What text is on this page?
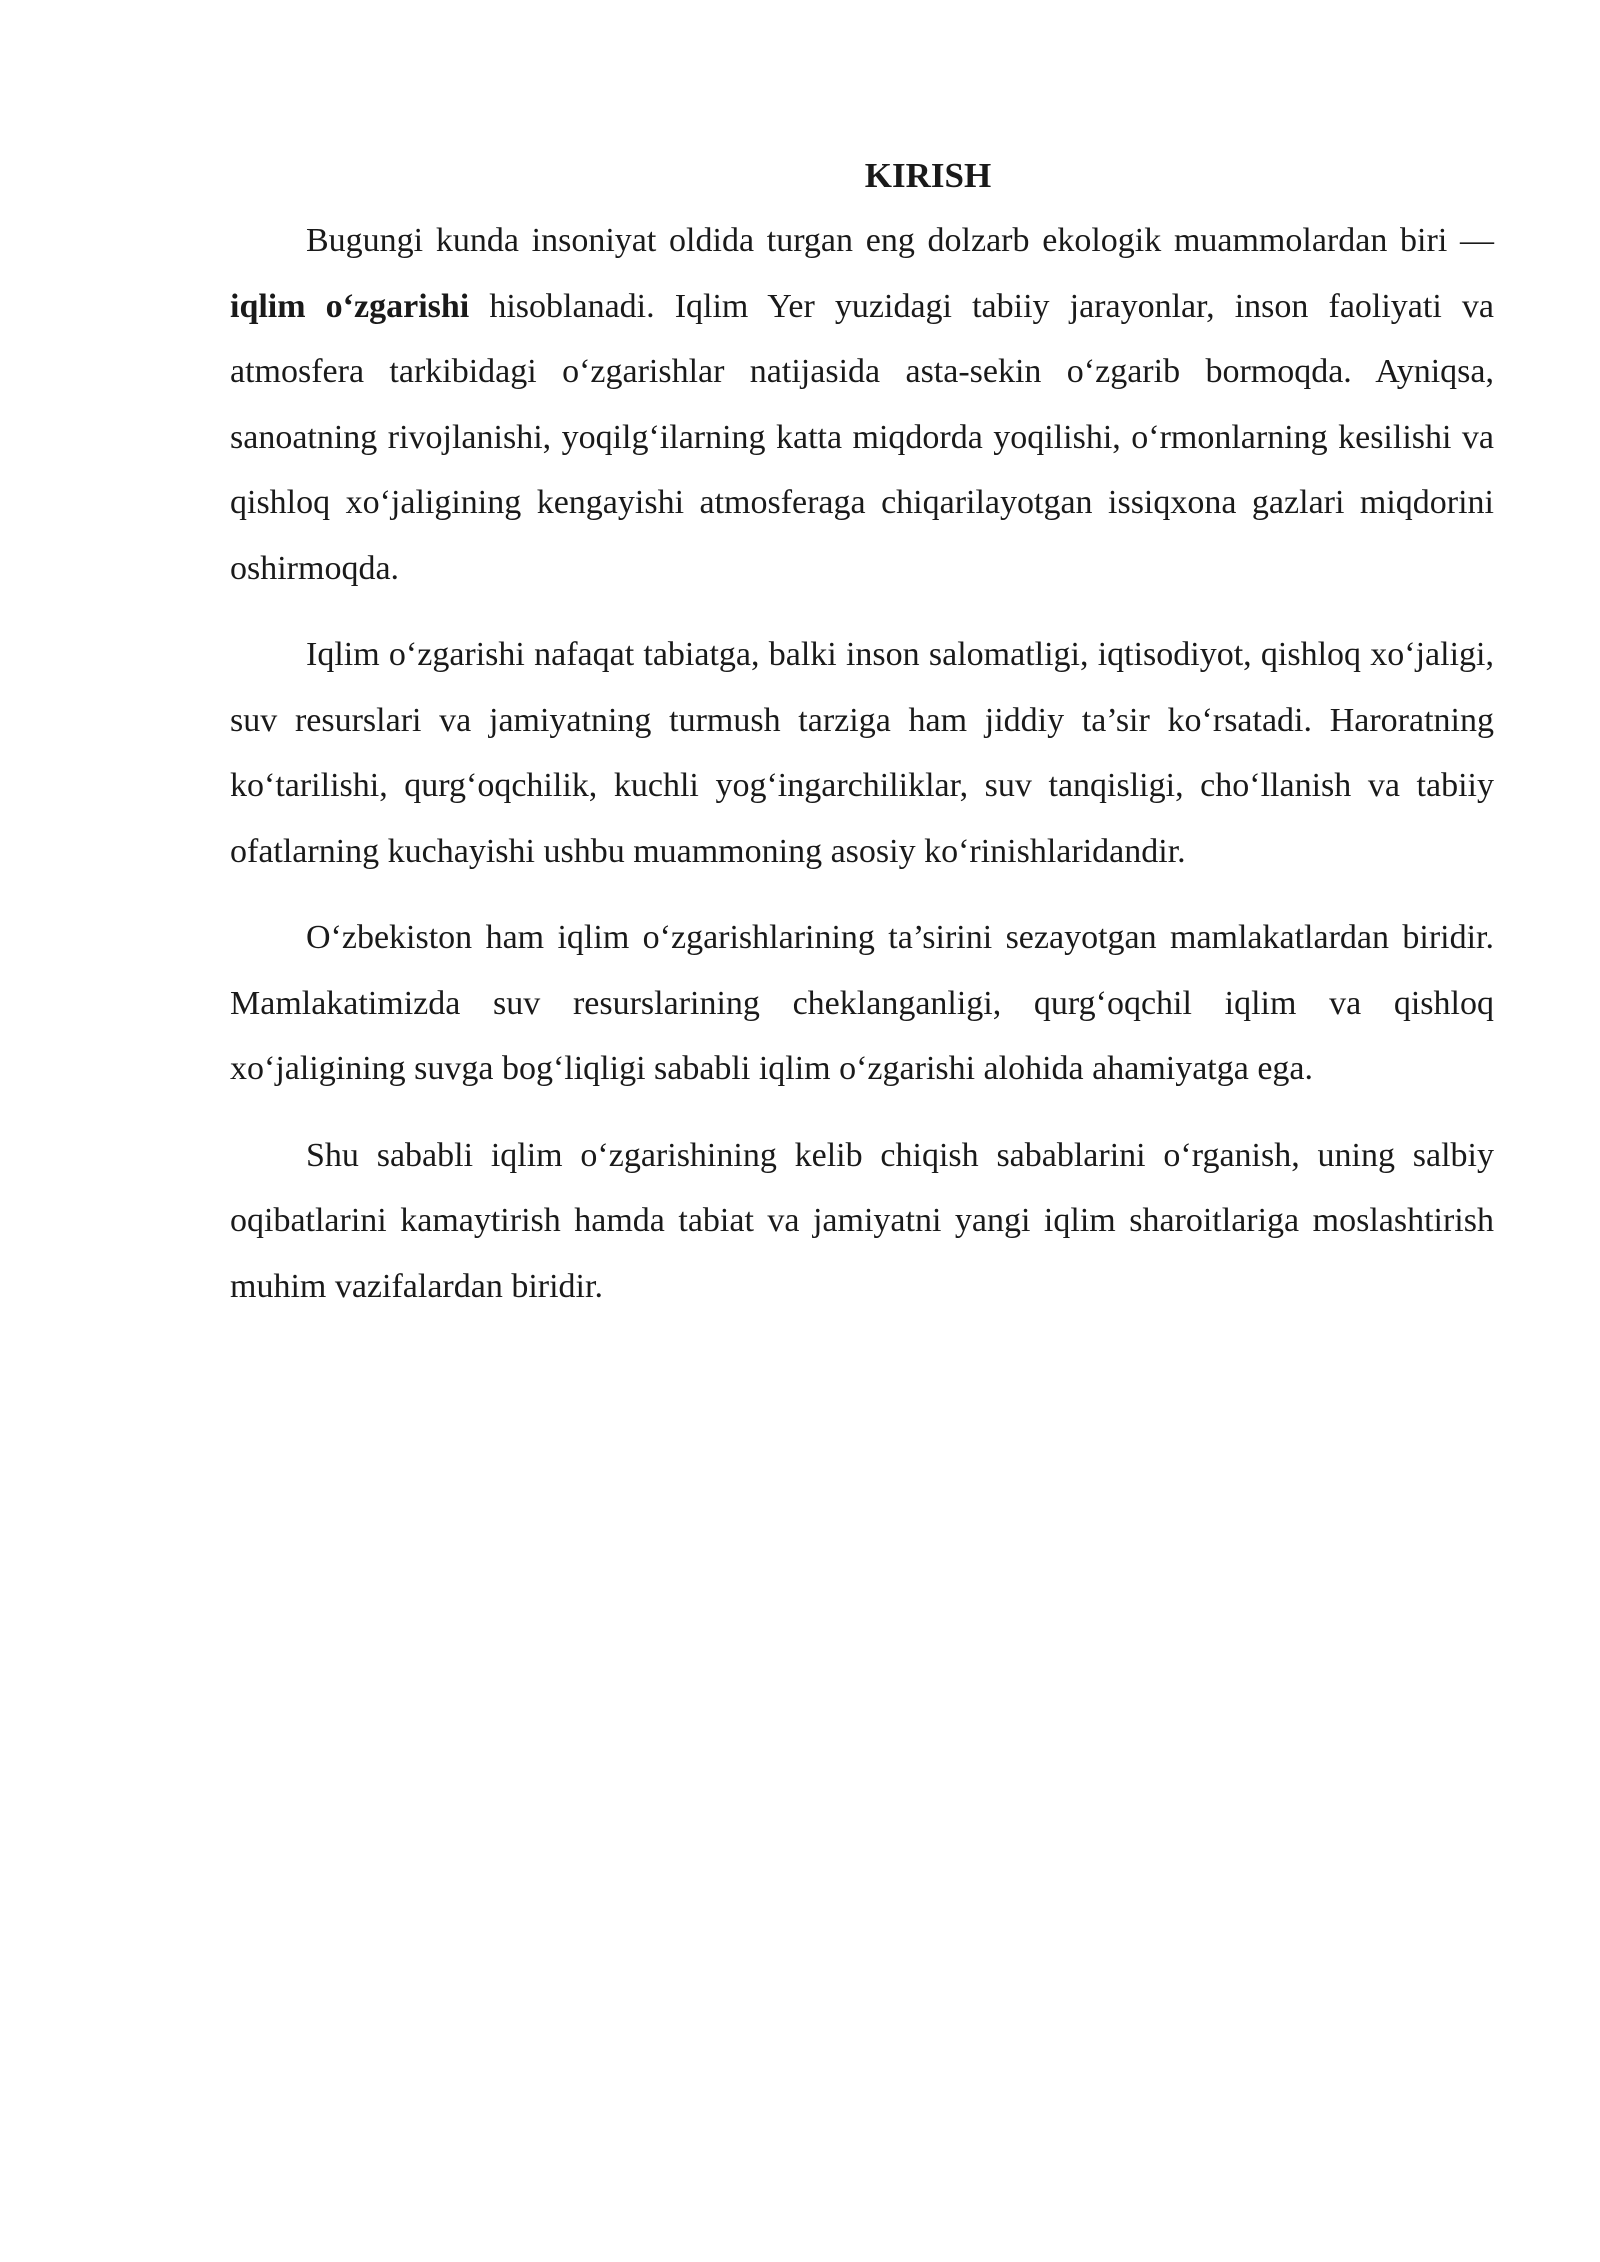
KIRISH

Bugungi kunda insoniyat oldida turgan eng dolzarb ekologik muammolardan biri — iqlim o‘zgarishi hisoblanadi. Iqlim Yer yuzidagi tabiiy jarayonlar, inson faoliyati va atmosfera tarkibidagi o‘zgarishlar natijasida asta-sekin o‘zgarib bormoqda. Ayniqsa, sanoatning rivojlanishi, yoqilg‘ilarning katta miqdorda yoqilishi, o‘rmonlarning kesilishi va qishloq xo‘jaligining kengayishi atmosferaga chiqarilayotgan issiqxona gazlari miqdorini oshirmoqda.

Iqlim o‘zgarishi nafaqat tabiatga, balki inson salomatligi, iqtisodiyot, qishloq xo‘jaligi, suv resurslari va jamiyatning turmush tarziga ham jiddiy ta’sir ko‘rsatadi. Haroratning ko‘tarilishi, qurg‘oqchilik, kuchli yog‘ingarchiliklar, suv tanqisligi, cho‘llanish va tabiiy ofatlarning kuchayishi ushbu muammoning asosiy ko‘rinishlaridandir.

O‘zbekiston ham iqlim o‘zgarishlarining ta’sirini sezayotgan mamlakatlardan biridir. Mamlakatimizda suv resurslarining cheklanganligi, qurg‘oqchil iqlim va qishloq xo‘jaligining suvga bog‘liqligi sababli iqlim o‘zgarishi alohida ahamiyatga ega.

Shu sababli iqlim o‘zgarishining kelib chiqish sabablarini o‘rganish, uning salbiy oqibatlarini kamaytirish hamda tabiat va jamiyatni yangi iqlim sharoitlariga moslashtirish muhim vazifalardan biridir.
